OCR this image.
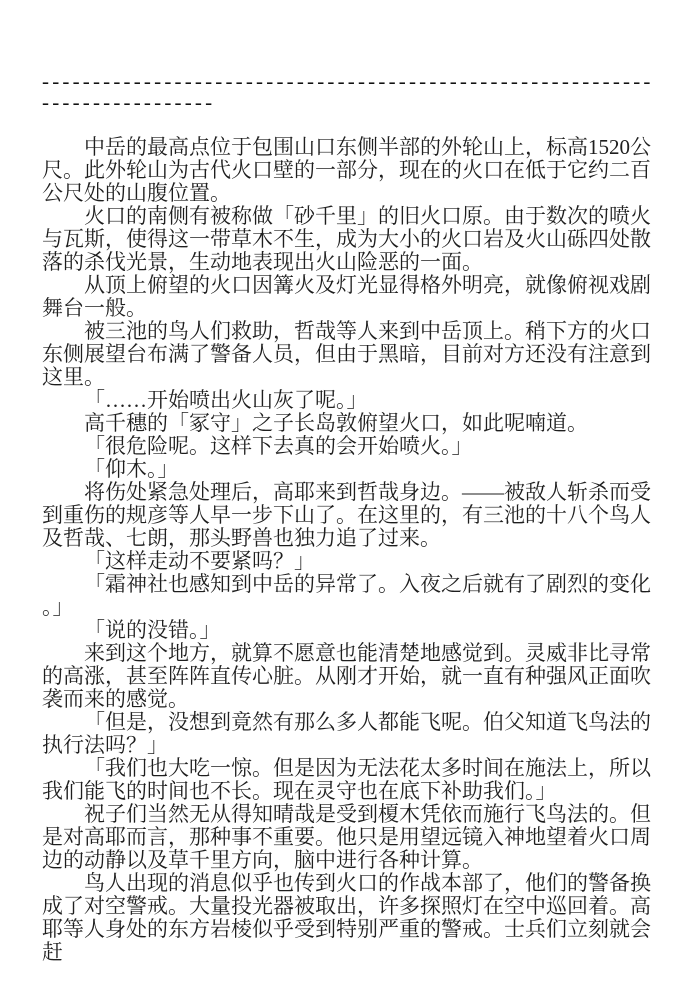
-----------------------------------------------------------------------------

中岳的最高点位于包围山口东侧半部的外轮山上，标高1520公尺。此外轮山为古代火口壁的一部分，现在的火口在低于它约二百公尺处的山腹位置。

火口的南侧有被称做「砂千里」的旧火口原。由于数次的喷火与瓦斯，使得这一带草木不生，成为大小的火口岩及火山砾四处散落的杀伐光景，生动地表现出火山险恶的一面。

从顶上俯望的火口因篝火及灯光显得格外明亮，就像俯视戏剧舞台一般。

被三池的鸟人们救助，哲哉等人来到中岳顶上。稍下方的火口东侧展望台布满了警备人员，但由于黑暗，目前对方还没有注意到这里。

「……开始喷出火山灰了呢。」

高千穗的「冢守」之子长岛敦俯望火口，如此呢喃道。

「很危险呢。这样下去真的会开始喷火。」

「仰木。」

将伤处紧急处理后，高耶来到哲哉身边。——被敌人斩杀而受到重伤的规彦等人早一步下山了。在这里的，有三池的十八个鸟人及哲哉、七朗，那头野兽也独力追了过来。

「这样走动不要紧吗？」

「霜神社也感知到中岳的异常了。入夜之后就有了剧烈的变化。」

「说的没错。」

来到这个地方，就算不愿意也能清楚地感觉到。灵威非比寻常的高涨，甚至阵阵直传心脏。从刚才开始，就一直有种强风正面吹袭而来的感觉。

「但是，没想到竟然有那么多人都能飞呢。伯父知道飞鸟法的执行法吗？」

「我们也大吃一惊。但是因为无法花太多时间在施法上，所以我们能飞的时间也不长。现在灵守也在底下补助我们。」

祝子们当然无从得知晴哉是受到榎木凭依而施行飞鸟法的。但是对高耶而言，那种事不重要。他只是用望远镜入神地望着火口周边的动静以及草千里方向，脑中进行各种计算。

鸟人出现的消息似乎也传到火口的作战本部了，他们的警备换成了对空警戒。大量投光器被取出，许多探照灯在空中巡回着。高耶等人身处的东方岩棱似乎受到特别严重的警戒。士兵们立刻就会赶
